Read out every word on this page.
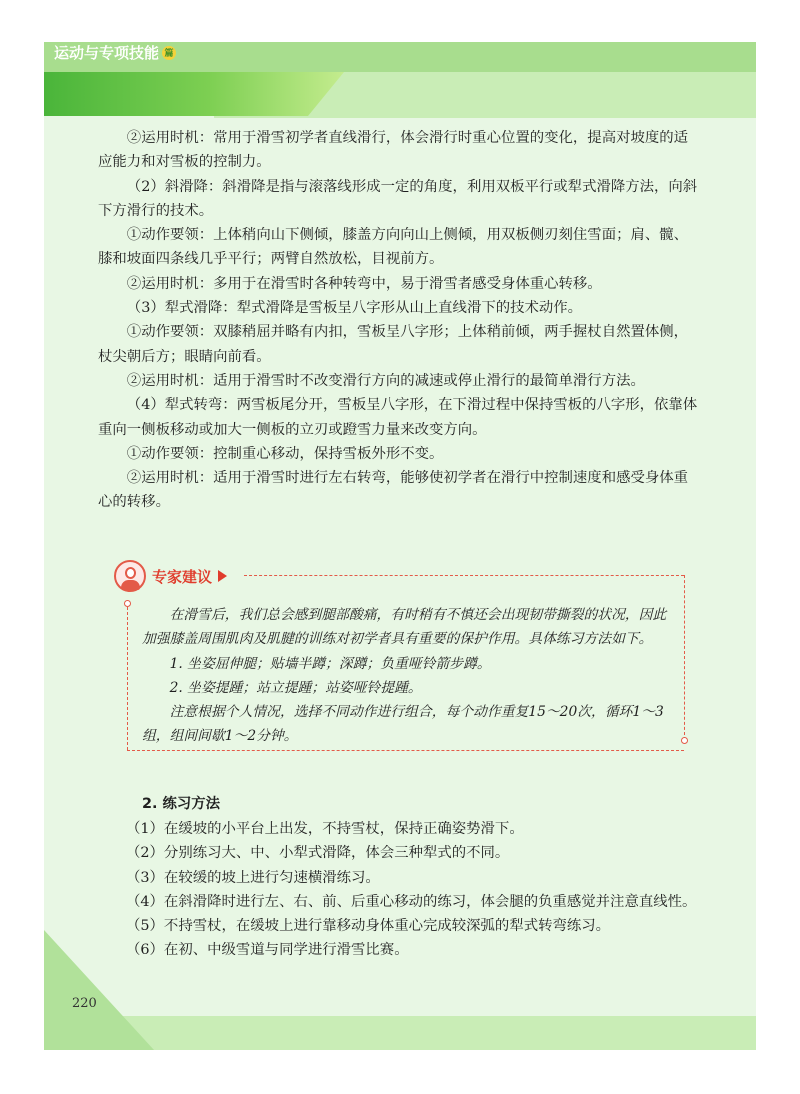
运动与专项技能 篇

②运用时机：常用于滑雪初学者直线滑行，体会滑行时重心位置的变化，提高对坡度的适应能力和对雪板的控制力。

（2）斜滑降：斜滑降是指与滚落线形成一定的角度，利用双板平行或犁式滑降方法，向斜下方滑行的技术。

①动作要领：上体稍向山下侧倾，膝盖方向向山上侧倾，用双板侧刃刻住雪面；肩、髋、膝和坡面四条线几乎平行；两臂自然放松，目视前方。

②运用时机：多用于在滑雪时各种转弯中，易于滑雪者感受身体重心转移。

（3）犁式滑降：犁式滑降是雪板呈八字形从山上直线滑下的技术动作。

①动作要领：双膝稍屈并略有内扣，雪板呈八字形；上体稍前倾，两手握杖自然置体侧，杖尖朝后方；眼睛向前看。

②运用时机：适用于滑雪时不改变滑行方向的减速或停止滑行的最简单滑行方法。

（4）犁式转弯：两雪板尾分开，雪板呈八字形，在下滑过程中保持雪板的八字形，依靠体重向一侧板移动或加大一侧板的立刃或蹬雪力量来改变方向。

①动作要领：控制重心移动，保持雪板外形不变。

②运用时机：适用于滑雪时进行左右转弯，能够使初学者在滑行中控制速度和感受身体重心的转移。

专家建议

在滑雪后，我们总会感到腿部酸痛，有时稍有不慎还会出现韧带撕裂的状况，因此加强膝盖周围肌肉及肌腱的训练对初学者具有重要的保护作用。具体练习方法如下。

1. 坐姿屈伸腿；贴墙半蹲；深蹲；负重哑铃箭步蹲。

2. 坐姿提踵；站立提踵；站姿哑铃提踵。

注意根据个人情况，选择不同动作进行组合，每个动作重复15～20次，循环1～3组，组间间歇1～2分钟。

2. 练习方法

（1）在缓坡的小平台上出发，不持雪杖，保持正确姿势滑下。

（2）分别练习大、中、小犁式滑降，体会三种犁式的不同。

（3）在较缓的坡上进行匀速横滑练习。

（4）在斜滑降时进行左、右、前、后重心移动的练习，体会腿的负重感觉并注意直线性。

（5）不持雪杖，在缓坡上进行靠移动身体重心完成较深弧的犁式转弯练习。

（6）在初、中级雪道与同学进行滑雪比赛。

220
